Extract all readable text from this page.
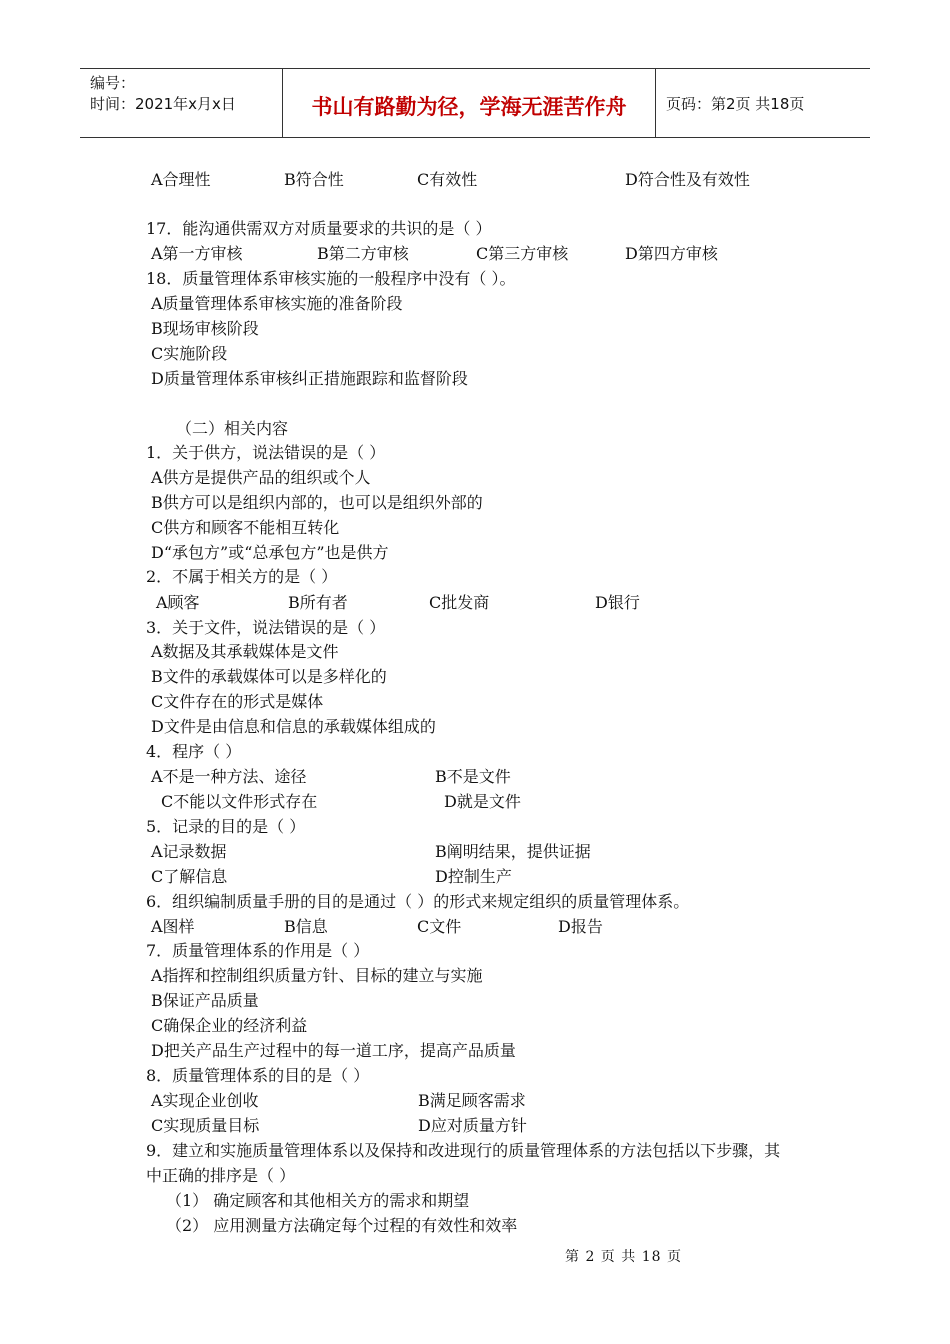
编号：
时间：2021年x月x日	书山有路勤为径，学海无涯苦作舟	页码：第2页 共18页
A合理性	B符合性	C有效性	D符合性及有效性
17．能沟通供需双方对质量要求的共识的是（ ）
A第一方审核	B第二方审核	C第三方审核	D第四方审核
18．质量管理体系审核实施的一般程序中没有（ ）。
A质量管理体系审核实施的准备阶段
B现场审核阶段
C实施阶段
D质量管理体系审核纠正措施跟踪和监督阶段
（二）相关内容
1．关于供方，说法错误的是（ ）
A供方是提供产品的组织或个人
B供方可以是组织内部的，也可以是组织外部的
C供方和顾客不能相互转化
D“承包方”或“总承包方”也是供方
2．不属于相关方的是（ ）
A顾客	B所有者	C批发商	D银行
3．关于文件，说法错误的是（ ）
A数据及其承载媒体是文件
B文件的承载媒体可以是多样化的
C文件存在的形式是媒体
D文件是由信息和信息的承载媒体组成的
4．程序（ ）
A不是一种方法、途径	B不是文件
C不能以文件形式存在	D就是文件
5．记录的目的是（ ）
A记录数据	B阐明结果，提供证据
C了解信息	D控制生产
6．组织编制质量手册的目的是通过（ ）的形式来规定组织的质量管理体系。
A图样	B信息	C文件	D报告
7．质量管理体系的作用是（ ）
A指挥和控制组织质量方针、目标的建立与实施
B保证产品质量
C确保企业的经济利益
D把关产品生产过程中的每一道工序，提高产品质量
8．质量管理体系的目的是（ ）
A实现企业创收	B满足顾客需求
C实现质量目标	D应对质量方针
9．建立和实施质量管理体系以及保持和改进现行的质量管理体系的方法包括以下步骤，其
中正确的排序是（ ）
（1） 确定顾客和其他相关方的需求和期望
（2） 应用测量方法确定每个过程的有效性和效率
第 2 页 共 18 页
